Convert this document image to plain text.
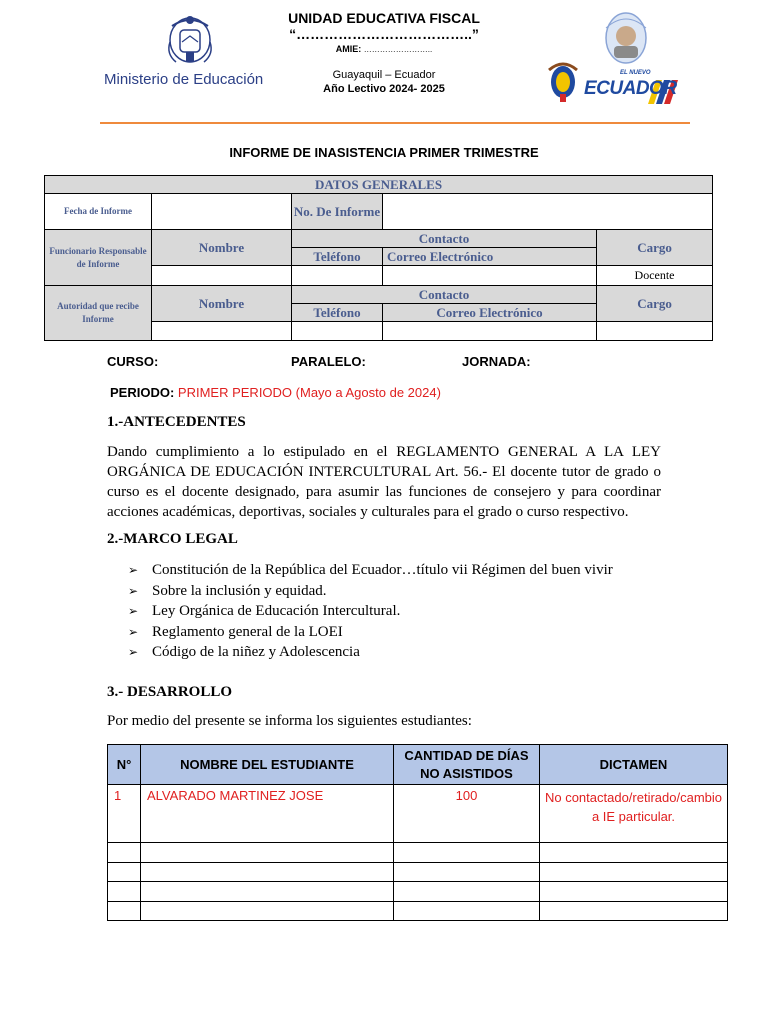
Ministerio de Educación
UNIDAD EDUCATIVA FISCAL
“………………………………..”
AMIE: ……………………..
Guayaquil – Ecuador
Año Lectivo 2024- 2025
EL NUEVO
ECUADOR
INFORME DE INASISTENCIA PRIMER TRIMESTRE
DATOS GENERALES				
Fecha de Informe		No. De Informe		
Funcionario Responsable de Informe	Nombre	Contacto		Cargo
		Teléfono	Correo Electrónico	
				Docente
Autoridad que recibe Informe	Nombre	Contacto		Cargo
		Teléfono	Correo Electrónico	

CURSO:	PARALELO:	JORNADA:
PERIODO: PRIMER PERIODO (Mayo a Agosto de 2024)
1.-ANTECEDENTES
Dando cumplimiento a lo estipulado en el REGLAMENTO GENERAL A LA LEY ORGÁNICA DE EDUCACIÓN INTERCULTURAL Art. 56.- El docente tutor de grado o curso es el docente designado, para asumir las funciones de consejero y para coordinar acciones académicas, deportivas, sociales y culturales para el grado o curso respectivo.
2.-MARCO LEGAL
➢ Constitución de la República del Ecuador…título vii Régimen del buen vivir
➢ Sobre la inclusión y equidad.
➢ Ley Orgánica de Educación Intercultural.
➢ Reglamento general de la LOEI
➢ Código de la niñez y Adolescencia
3.- DESARROLLO
Por medio del presente se informa los siguientes estudiantes:
N°	NOMBRE DEL ESTUDIANTE	CANTIDAD DE DÍAS NO ASISTIDOS	DICTAMEN
1	ALVARADO MARTINEZ JOSE	100	No contactado/retirado/cambio a IE particular.
